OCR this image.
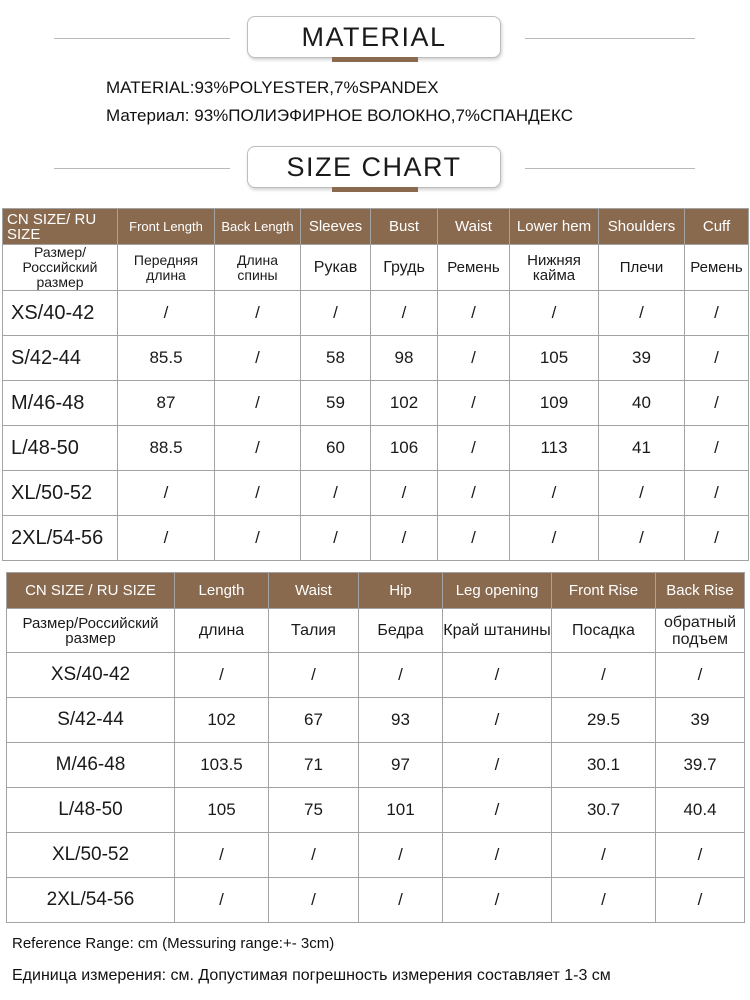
MATERIAL
MATERIAL:93%POLYESTER,7%SPANDEX
Материал: 93%ПОЛИЭФИРНОЕ ВОЛОКНО,7%СПАНДЕКС
SIZE CHART
CN SIZE/ RU SIZE	Front Length	Back Length	Sleeves	Bust	Waist	Lower hem	Shoulders	Cuff
Размер/ Российский размер	Передняя длина	Длина спины	Рукав	Грудь	Ремень	Нижняя кайма	Плечи	Ремень
XS/40-42	/	/	/	/	/	/	/	/
S/42-44	85.5	/	58	98	/	105	39	/
M/46-48	87	/	59	102	/	109	40	/
L/48-50	88.5	/	60	106	/	113	41	/
XL/50-52	/	/	/	/	/	/	/	/
2XL/54-56	/	/	/	/	/	/	/	/
CN SIZE / RU SIZE	Length	Waist	Hip	Leg opening	Front Rise	Back Rise
Размер/Российский размер	длина	Талия	Бедра	Край штанины	Посадка	обратный подъем
XS/40-42	/	/	/	/	/	/
S/42-44	102	67	93	/	29.5	39
M/46-48	103.5	71	97	/	30.1	39.7
L/48-50	105	75	101	/	30.7	40.4
XL/50-52	/	/	/	/	/	/
2XL/54-56	/	/	/	/	/	/
Reference Range: cm (Messuring range:+- 3cm)
Единица измерения: см. Допустимая погрешность измерения составляет 1-3 см
